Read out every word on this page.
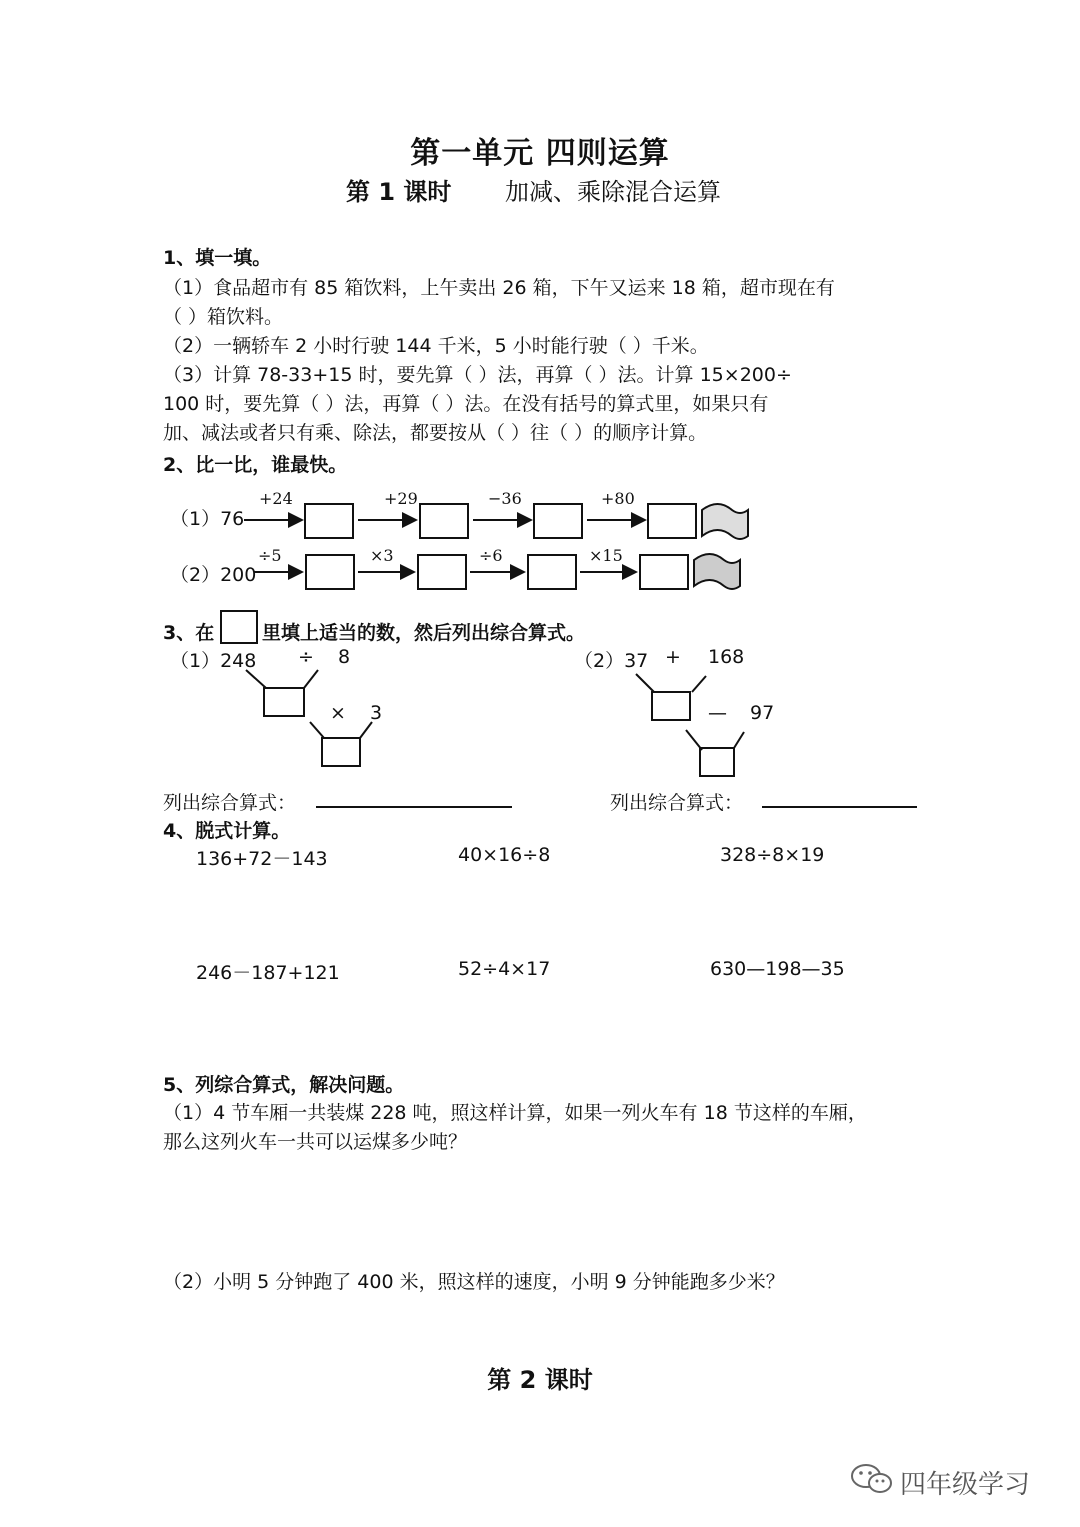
第一单元 四则运算
第 1 课时 加减、乘除混合运算
1、填一填。
（1）食品超市有 85 箱饮料，上午卖出 26 箱，下午又运来 18 箱，超市现在有
（ ）箱饮料。
（2）一辆轿车 2 小时行驶 144 千米，5 小时能行驶（ ）千米。
（3）计算 78-33+15 时，要先算（ ）法，再算（ ）法。计算 15×200÷
100 时，要先算（ ）法，再算（ ）法。在没有括号的算式里，如果只有
加、减法或者只有乘、除法，都要按从（ ）往（ ）的顺序计算。
2、比一比，谁最快。
（1）76
+24	+29	−36	+80
（2）200
÷5	×3	÷6	×15
3、在	里填上适当的数，然后列出综合算式。
（1）248 ÷ 8
× 3
（2）37 + 168
— 97
列出综合算式：	列出综合算式：
4、脱式计算。
136+72－143	40×16÷8	328÷8×19
246－187+121	52÷4×17	630—198—35
5、列综合算式，解决问题。
（1）4 节车厢一共装煤 228 吨，照这样计算，如果一列火车有 18 节这样的车厢，
那么这列火车一共可以运煤多少吨？
（2）小明 5 分钟跑了 400 米，照这样的速度，小明 9 分钟能跑多少米？
第 2 课时
四年级学习
